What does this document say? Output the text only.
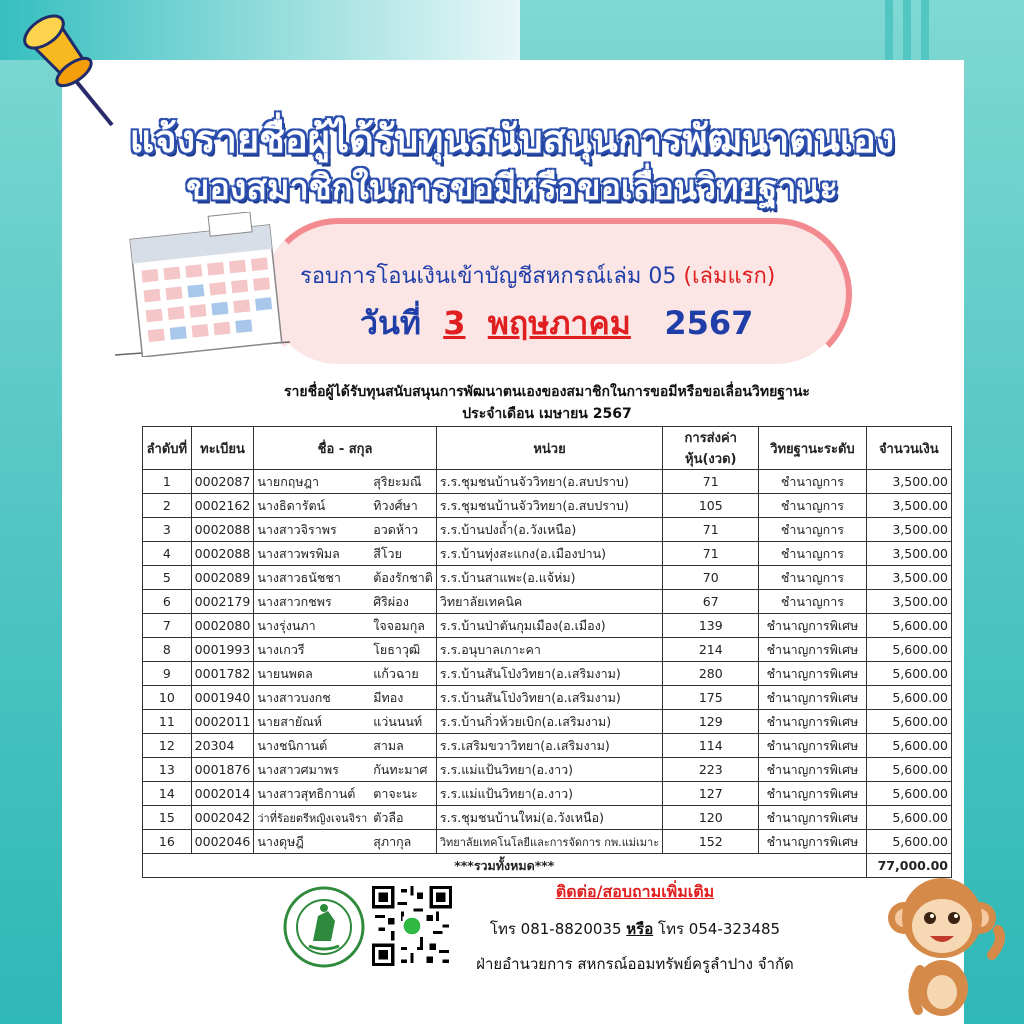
แจ้งรายชื่อผู้ได้รับทุนสนับสนุนการพัฒนาตนเอง
ของสมาชิกในการขอมีหรือขอเลื่อนวิทยฐานะ
รอบการโอนเงินเข้าบัญชีสหกรณ์เล่ม 05 (เล่มแรก)
วันที่ 3 พฤษภาคม 2567
รายชื่อผู้ได้รับทุนสนับสนุนการพัฒนาตนเองของสมาชิกในการขอมีหรือขอเลื่อนวิทยฐานะ
ประจำเดือน เมษายน 2567
ลำดับที่	ทะเบียน	ชื่อ - สกุล		หน่วย	การส่งค่าหุ้น(งวด)	วิทยฐานะระดับ	จำนวนเงิน
1	0002087	นายกฤษฎา	สุริยะมณี	ร.ร.ชุมชนบ้านจัววิทยา(อ.สบปราบ)	71	ชำนาญการ	3,500.00
2	0002162	นางธิดารัตน์	ทิวงศ์ษา	ร.ร.ชุมชนบ้านจัววิทยา(อ.สบปราบ)	105	ชำนาญการ	3,500.00
3	0002088	นางสาวจิราพร	อวดห้าว	ร.ร.บ้านปงถ้ำ(อ.วังเหนือ)	71	ชำนาญการ	3,500.00
4	0002088	นางสาวพรพิมล	สีโวย	ร.ร.บ้านทุ่งสะแกง(อ.เมืองปาน)	71	ชำนาญการ	3,500.00
5	0002089	นางสาวธนัชชา	ต้องรักชาติ	ร.ร.บ้านสาแพะ(อ.แจ้ห่ม)	70	ชำนาญการ	3,500.00
6	0002179	นางสาวกชพร	ศิริผ่อง	วิทยาลัยเทคนิค	67	ชำนาญการ	3,500.00
7	0002080	นางรุ่งนภา	ใจจอมกุล	ร.ร.บ้านป่าตันกุมเมือง(อ.เมือง)	139	ชำนาญการพิเศษ	5,600.00
8	0001993	นางเกวรี	โยธาวุฒิ	ร.ร.อนุบาลเกาะคา	214	ชำนาญการพิเศษ	5,600.00
9	0001782	นายนพดล	แก้วฉาย	ร.ร.บ้านสันโป่งวิทยา(อ.เสริมงาม)	280	ชำนาญการพิเศษ	5,600.00
10	0001940	นางสาวบงกช	มีทอง	ร.ร.บ้านสันโป่งวิทยา(อ.เสริมงาม)	175	ชำนาญการพิเศษ	5,600.00
11	0002011	นายสายัณห์	แว่นนนท์	ร.ร.บ้านกิ่วห้วยเบิก(อ.เสริมงาม)	129	ชำนาญการพิเศษ	5,600.00
12	20304	นางชนิกานต์	สามล	ร.ร.เสริมขวาวิทยา(อ.เสริมงาม)	114	ชำนาญการพิเศษ	5,600.00
13	0001876	นางสาวศมาพร	กันทะมาศ	ร.ร.แม่แป้นวิทยา(อ.งาว)	223	ชำนาญการพิเศษ	5,600.00
14	0002014	นางสาวสุทธิกานต์	ตาจะนะ	ร.ร.แม่แป้นวิทยา(อ.งาว)	127	ชำนาญการพิเศษ	5,600.00
15	0002042	ว่าที่ร้อยตรีหญิงเจนจิรา	ตัวลือ	ร.ร.ชุมชนบ้านใหม่(อ.วังเหนือ)	120	ชำนาญการพิเศษ	5,600.00
16	0002046	นางดุษฎี	สุภากุล	วิทยาลัยเทคโนโลยีและการจัดการ กพ.แม่เมาะ	152	ชำนาญการพิเศษ	5,600.00
***รวมทั้งหมด***							77,000.00
สหกรณ์ออมทรัพย์ครูลำปาง จำกัด	ติดต่อ/สอบถามเพิ่มเติม
โทร 081-8820035 หรือ โทร 054-323485
ฝ่ายอำนวยการ สหกรณ์ออมทรัพย์ครูลำปาง จำกัด
